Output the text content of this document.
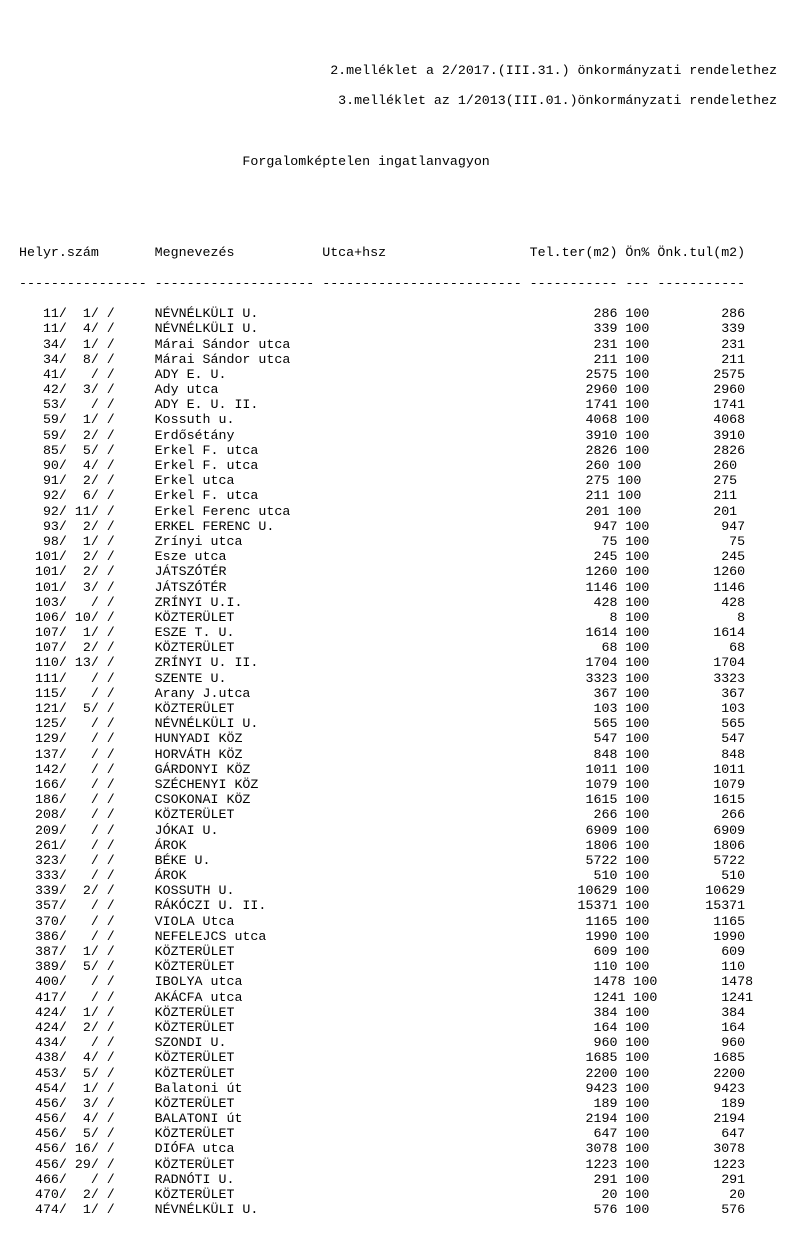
2.melléklet a 2/2017.(III.31.) önkormányzati rendelethez

3.melléklet az 1/2013(III.01.)önkormányzati rendelethez

Forgalomképtelen ingatlanvagyon

Helyr.szám       Megnevezés           Utca+hsz                  Tel.ter(m2) Ön% Önk.tul(m2)

---------------- -------------------- ------------------------- ----------- --- -----------

11/  1/ /     NÉVNÉLKÜLI U.                                          286 100         286
11/  4/ /     NÉVNÉLKÜLI U.                                          339 100         339
34/  1/ /     Márai Sándor utca                                      231 100         231
34/  8/ /     Márai Sándor utca                                      211 100         211
41/   / /     ADY E. U.                                             2575 100        2575
42/  3/ /     Ady utca                                              2960 100        2960
53/   / /     ADY E. U. II.                                         1741 100        1741
59/  1/ /     Kossuth u.                                            4068 100        4068
59/  2/ /     Erdősétány                                            3910 100        3910
85/  5/ /     Erkel F. utca                                         2826 100        2826
90/  4/ /     Erkel F. utca                                         260 100         260
91/  2/ /     Erkel utca                                            275 100         275
92/  6/ /     Erkel F. utca                                         211 100         211
92/ 11/ /     Erkel Ferenc utca                                     201 100         201
93/  2/ /     ERKEL FERENC U.                                        947 100         947
98/  1/ /     Zrínyi utca                                             75 100          75
101/  2/ /     Esze utca                                              245 100         245
101/  2/ /     JÁTSZÓTÉR                                             1260 100        1260
101/  3/ /     JÁTSZÓTÉR                                             1146 100        1146
103/   / /     ZRÍNYI U.I.                                            428 100         428
106/ 10/ /     KÖZTERÜLET                                               8 100           8
107/  1/ /     ESZE T. U.                                            1614 100        1614
107/  2/ /     KÖZTERÜLET                                              68 100          68
110/ 13/ /     ZRÍNYI U. II.                                         1704 100        1704
111/   / /     SZENTE U.                                             3323 100        3323
115/   / /     Arany J.utca                                           367 100         367
121/  5/ /     KÖZTERÜLET                                             103 100         103
125/   / /     NÉVNÉLKÜLI U.                                          565 100         565
129/   / /     HUNYADI KÖZ                                            547 100         547
137/   / /     HORVÁTH KÖZ                                            848 100         848
142/   / /     GÁRDONYI KÖZ                                          1011 100        1011
166/   / /     SZÉCHENYI KÖZ                                         1079 100        1079
186/   / /     CSOKONAI KÖZ                                          1615 100        1615
208/   / /     KÖZTERÜLET                                             266 100         266
209/   / /     JÓKAI U.                                              6909 100        6909
261/   / /     ÁROK                                                  1806 100        1806
323/   / /     BÉKE U.                                               5722 100        5722
333/   / /     ÁROK                                                   510 100         510
339/  2/ /     KOSSUTH U.                                           10629 100       10629
357/   / /     RÁKÓCZI U. II.                                       15371 100       15371
370/   / /     VIOLA Utca                                            1165 100        1165
386/   / /     NEFELEJCS utca                                        1990 100        1990
387/  1/ /     KÖZTERÜLET                                             609 100         609
389/  5/ /     KÖZTERÜLET                                             110 100         110
400/   / /     IBOLYA utca                                            1478 100        1478
417/   / /     AKÁCFA utca                                            1241 100        1241
424/  1/ /     KÖZTERÜLET                                             384 100         384
424/  2/ /     KÖZTERÜLET                                             164 100         164
434/   / /     SZONDI U.                                              960 100         960
438/  4/ /     KÖZTERÜLET                                            1685 100        1685
453/  5/ /     KÖZTERÜLET                                            2200 100        2200
454/  1/ /     Balatoni út                                           9423 100        9423
456/  3/ /     KÖZTERÜLET                                             189 100         189
456/  4/ /     BALATONI út                                           2194 100        2194
456/  5/ /     KÖZTERÜLET                                             647 100         647
456/ 16/ /     DIÓFA utca                                            3078 100        3078
456/ 29/ /     KÖZTERÜLET                                            1223 100        1223
466/   / /     RADNÓTI U.                                             291 100         291
470/  2/ /     KÖZTERÜLET                                              20 100          20
474/  1/ /     NÉVNÉLKÜLI U.                                          576 100         576
